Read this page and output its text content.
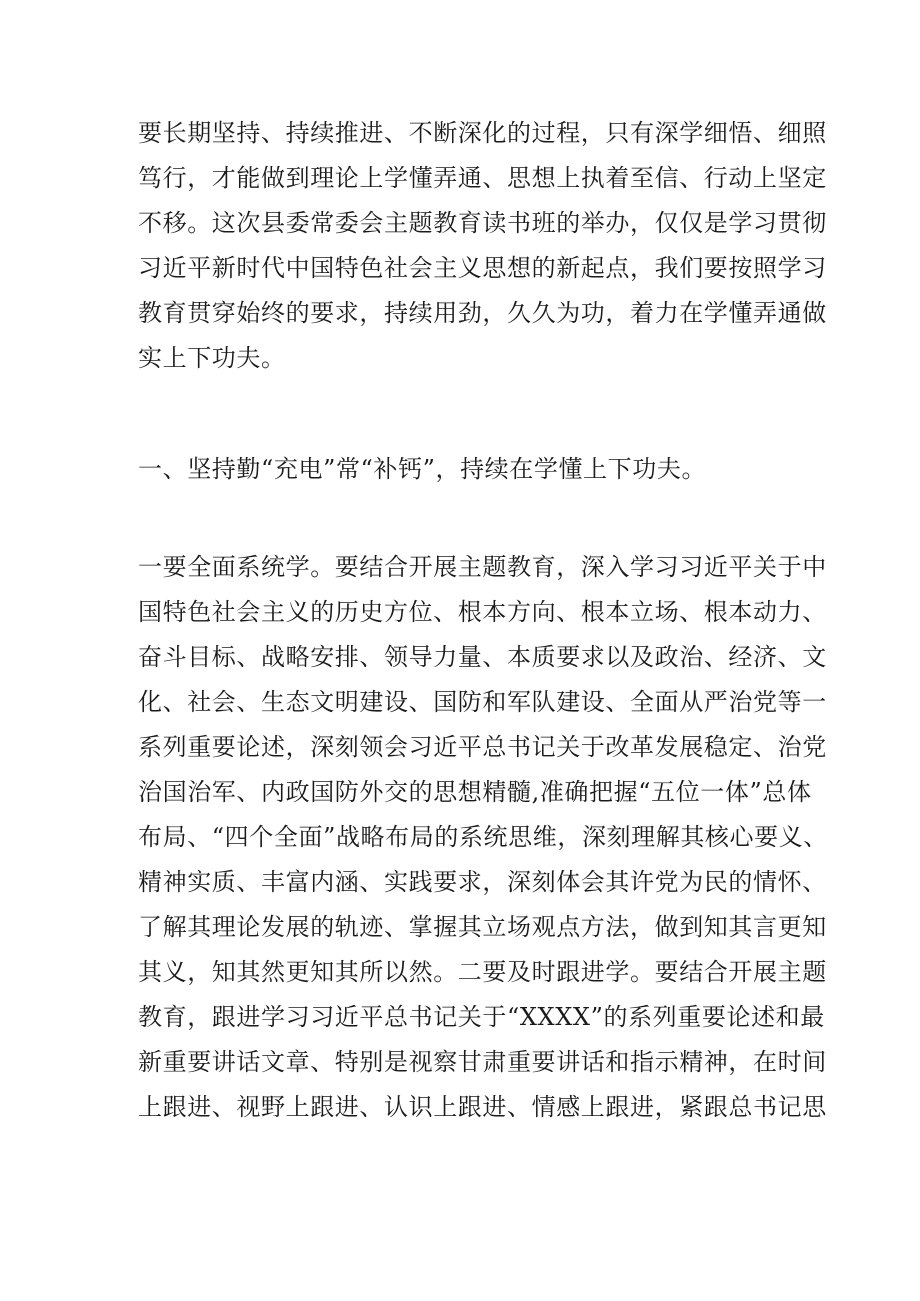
要长期坚持、持续推进、不断深化的过程，只有深学细悟、细照
笃行，才能做到理论上学懂弄通、思想上执着至信、行动上坚定
不移。这次县委常委会主题教育读书班的举办，仅仅是学习贯彻
习近平新时代中国特色社会主义思想的新起点，我们要按照学习
教育贯穿始终的要求，持续用劲，久久为功，着力在学懂弄通做
实上下功夫。
一、坚持勤“充电”常“补钙”，持续在学懂上下功夫。
一要全面系统学。要结合开展主题教育，深入学习习近平关于中
国特色社会主义的历史方位、根本方向、根本立场、根本动力、
奋斗目标、战略安排、领导力量、本质要求以及政治、经济、文
化、社会、生态文明建设、国防和军队建设、全面从严治党等一
系列重要论述，深刻领会习近平总书记关于改革发展稳定、治党
治国治军、内政国防外交的思想精髓,准确把握“五位一体”总体
布局、“四个全面”战略布局的系统思维，深刻理解其核心要义、
精神实质、丰富内涵、实践要求，深刻体会其许党为民的情怀、
了解其理论发展的轨迹、掌握其立场观点方法，做到知其言更知
其义，知其然更知其所以然。二要及时跟进学。要结合开展主题
教育，跟进学习习近平总书记关于“XXXX”的系列重要论述和最
新重要讲话文章、特别是视察甘肃重要讲话和指示精神，在时间
上跟进、视野上跟进、认识上跟进、情感上跟进，紧跟总书记思
